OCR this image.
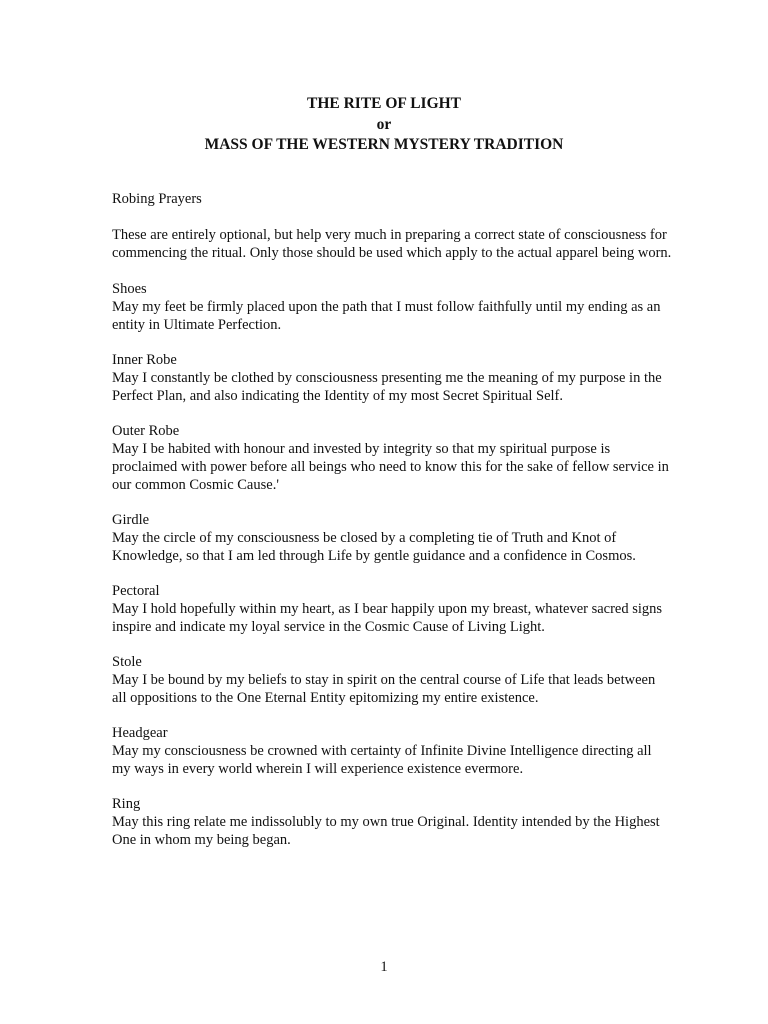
THE RITE OF LIGHT
or
MASS OF THE WESTERN MYSTERY TRADITION

Robing Prayers

These are entirely optional, but help very much in preparing a correct state of consciousness for commencing the ritual. Only those should be used which apply to the actual apparel being worn.

Shoes

May my feet be firmly placed upon the path that I must follow faithfully until my ending as an entity in Ultimate Perfection.

Inner Robe

May I constantly be clothed by consciousness presenting me the meaning of my purpose in the Perfect Plan, and also indicating the Identity of my most Secret Spiritual Self.

Outer Robe

May I be habited with honour and invested by integrity so that my spiritual purpose is proclaimed with power before all beings who need to know this for the sake of fellow service in our common Cosmic Cause.'

Girdle

May the circle of my consciousness be closed by a completing tie of Truth and Knot of Knowledge, so that I am led through Life by gentle guidance and a confidence in Cosmos.

Pectoral

May I hold hopefully within my heart, as I bear happily upon my breast, whatever sacred signs inspire and indicate my loyal service in the Cosmic Cause of Living Light.

Stole

May I be bound by my beliefs to stay in spirit on the central course of Life that leads between all oppositions to the One Eternal Entity epitomizing my entire existence.

Headgear

May my consciousness be crowned with certainty of Infinite Divine Intelligence directing all my ways in every world wherein I will experience existence evermore.

Ring

May this ring relate me indissolubly to my own true Original. Identity intended by the Highest One in whom my being began.

1
